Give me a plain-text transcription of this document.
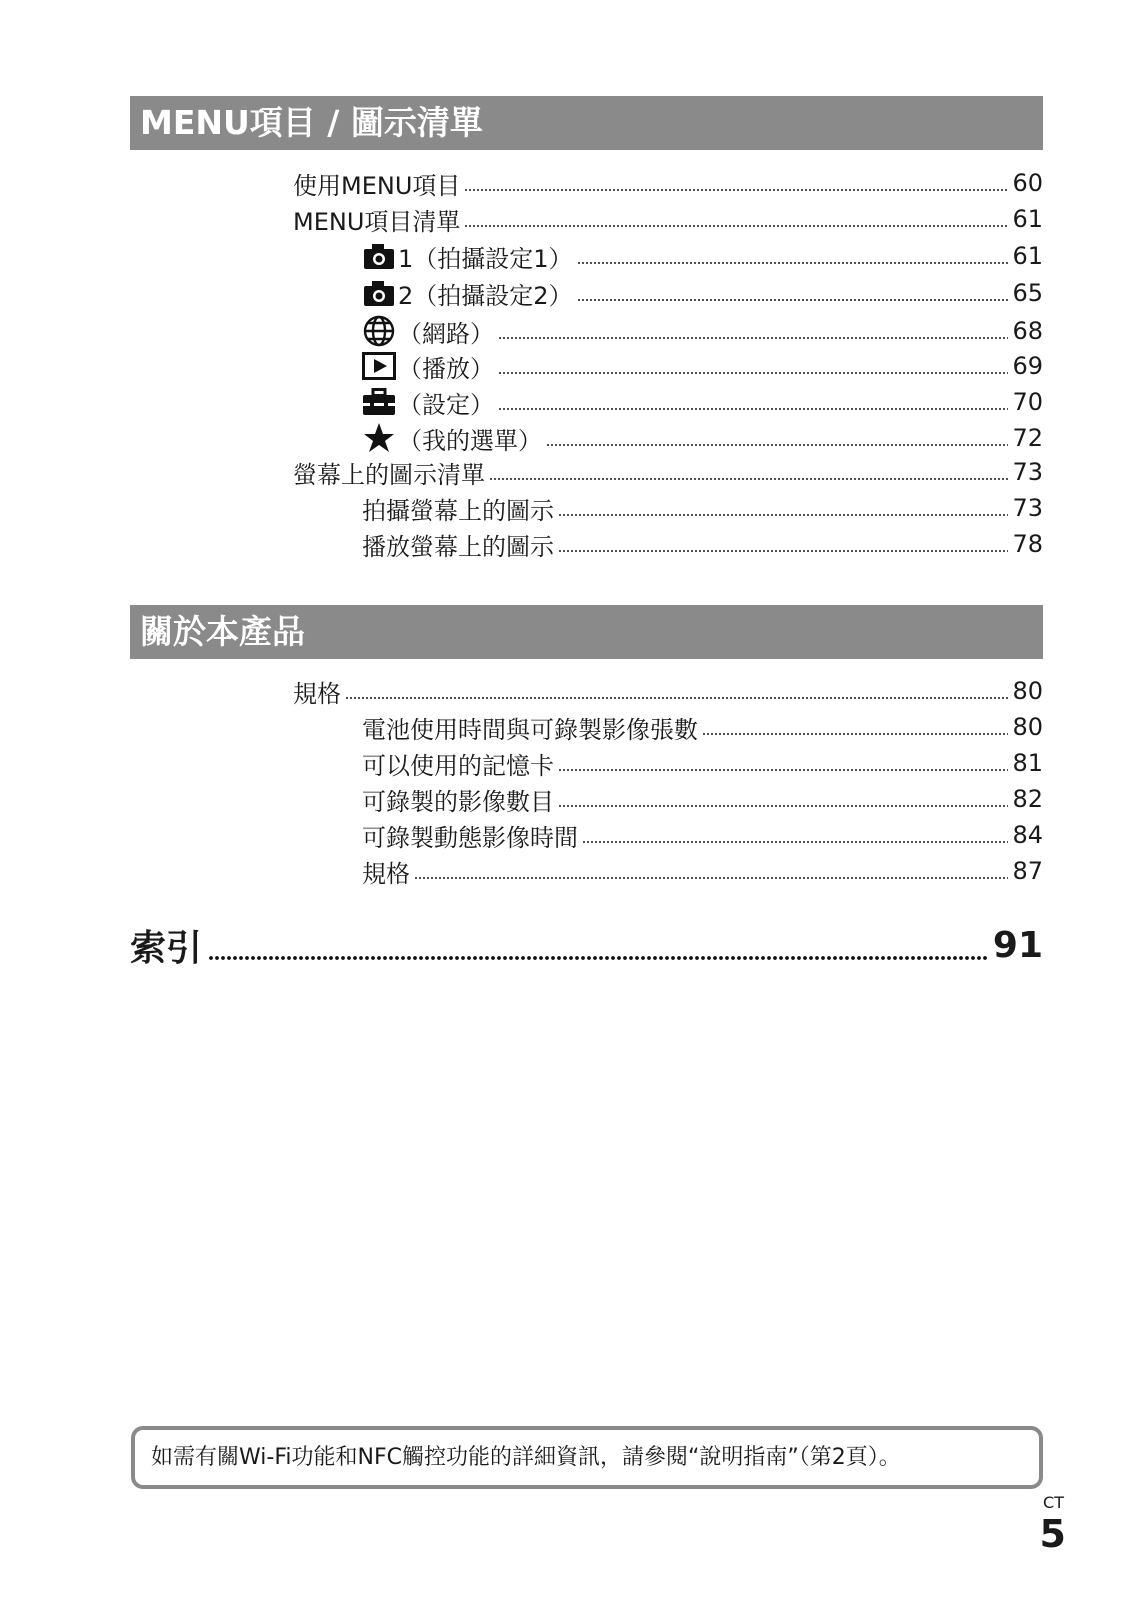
MENU項目 / 圖示清單
使用MENU項目	60
MENU項目清單	61
1（拍攝設定1）	61
2（拍攝設定2）	65
（網路）	68
（播放）	69
（設定）	70
（我的選單）	72
螢幕上的圖示清單	73
拍攝螢幕上的圖示	73
播放螢幕上的圖示	78
關於本產品
規格	80
電池使用時間與可錄製影像張數	80
可以使用的記憶卡	81
可錄製的影像數目	82
可錄製動態影像時間	84
規格	87
索引	91
如需有關Wi-Fi功能和NFC觸控功能的詳細資訊，請參閱“說明指南”（第2頁）。
CT
5
